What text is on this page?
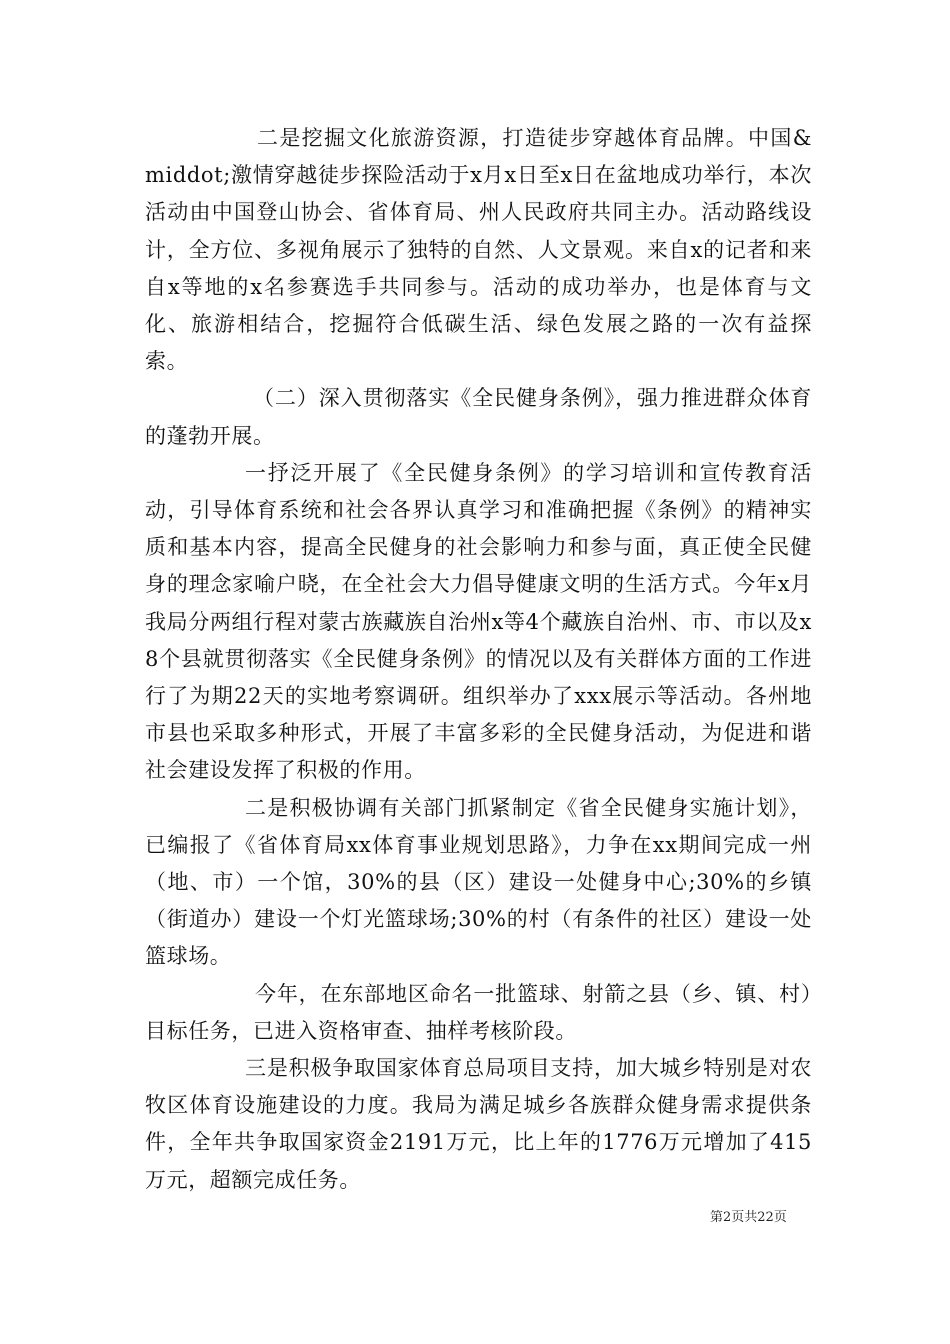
二是挖掘文化旅游资源，打造徒步穿越体育品牌。中国&middot;激情穿越徒步探险活动于x月x日至x日在盆地成功举行，本次活动由中国登山协会、省体育局、州人民政府共同主办。活动路线设计，全方位、多视角展示了独特的自然、人文景观。来自x的记者和来自x等地的x名参赛选手共同参与。活动的成功举办，也是体育与文化、旅游相结合，挖掘符合低碳生活、绿色发展之路的一次有益探索。

（二）深入贯彻落实《全民健身条例》，强力推进群众体育的蓬勃开展。

一抒泛开展了《全民健身条例》的学习培训和宣传教育活动，引导体育系统和社会各界认真学习和准确把握《条例》的精神实质和基本内容，提高全民健身的社会影响力和参与面，真正使全民健身的理念家喻户晓，在全社会大力倡导健康文明的生活方式。今年x月我局分两组行程对蒙古族藏族自治州x等4个藏族自治州、市、市以及x8个县就贯彻落实《全民健身条例》的情况以及有关群体方面的工作进行了为期22天的实地考察调研。组织举办了xxx展示等活动。各州地市县也采取多种形式，开展了丰富多彩的全民健身活动，为促进和谐社会建设发挥了积极的作用。

二是积极协调有关部门抓紧制定《省全民健身实施计划》，已编报了《省体育局xx体育事业规划思路》，力争在xx期间完成一州（地、市）一个馆，30%的县（区）建设一处健身中心;30%的乡镇（街道办）建设一个灯光篮球场;30%的村（有条件的社区）建设一处篮球场。

今年，在东部地区命名一批篮球、射箭之县（乡、镇、村）目标任务，已进入资格审查、抽样考核阶段。

三是积极争取国家体育总局项目支持，加大城乡特别是对农牧区体育设施建设的力度。我局为满足城乡各族群众健身需求提供条件，全年共争取国家资金2191万元，比上年的1776万元增加了415万元，超额完成任务。

第2页共22页
